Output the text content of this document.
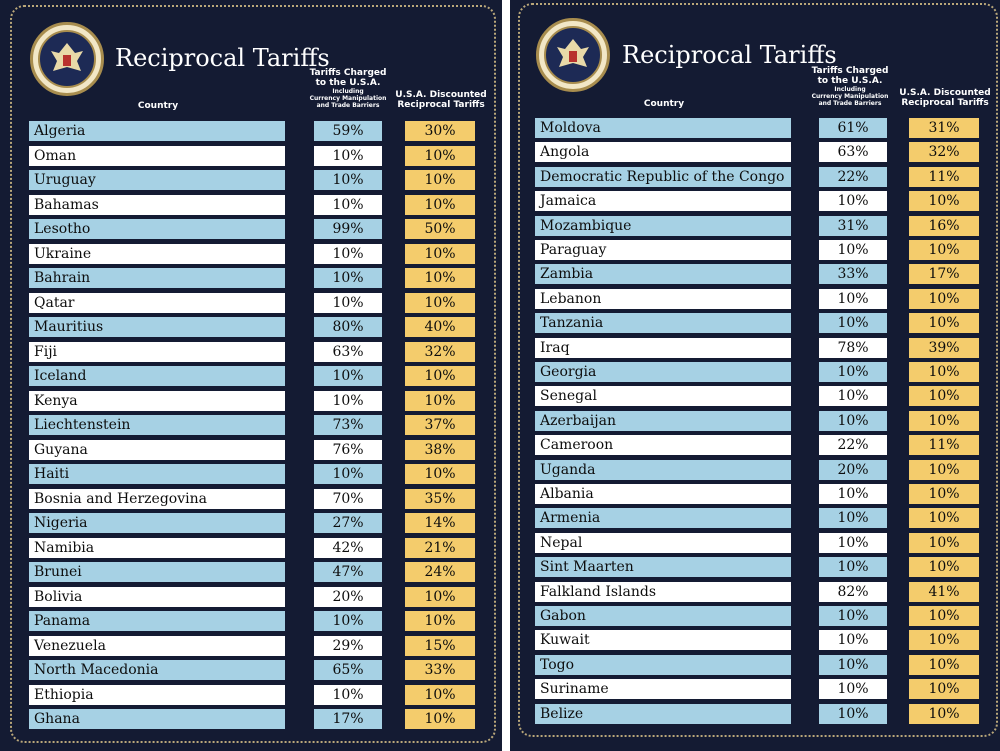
Reciprocal Tariffs
Country
Tariffs Charged
to the U.S.A.
Including
Currency Manipulation
and Trade Barriers
U.S.A. Discounted
Reciprocal Tariffs
Algeria	59%	30%
Oman	10%	10%
Uruguay	10%	10%
Bahamas	10%	10%
Lesotho	99%	50%
Ukraine	10%	10%
Bahrain	10%	10%
Qatar	10%	10%
Mauritius	80%	40%
Fiji	63%	32%
Iceland	10%	10%
Kenya	10%	10%
Liechtenstein	73%	37%
Guyana	76%	38%
Haiti	10%	10%
Bosnia and Herzegovina	70%	35%
Nigeria	27%	14%
Namibia	42%	21%
Brunei	47%	24%
Bolivia	20%	10%
Panama	10%	10%
Venezuela	29%	15%
North Macedonia	65%	33%
Ethiopia	10%	10%
Ghana	17%	10%
Reciprocal Tariffs
Country
Tariffs Charged
to the U.S.A.
Including
Currency Manipulation
and Trade Barriers
U.S.A. Discounted
Reciprocal Tariffs
Moldova	61%	31%
Angola	63%	32%
Democratic Republic of the Congo	22%	11%
Jamaica	10%	10%
Mozambique	31%	16%
Paraguay	10%	10%
Zambia	33%	17%
Lebanon	10%	10%
Tanzania	10%	10%
Iraq	78%	39%
Georgia	10%	10%
Senegal	10%	10%
Azerbaijan	10%	10%
Cameroon	22%	11%
Uganda	20%	10%
Albania	10%	10%
Armenia	10%	10%
Nepal	10%	10%
Sint Maarten	10%	10%
Falkland Islands	82%	41%
Gabon	10%	10%
Kuwait	10%	10%
Togo	10%	10%
Suriname	10%	10%
Belize	10%	10%
